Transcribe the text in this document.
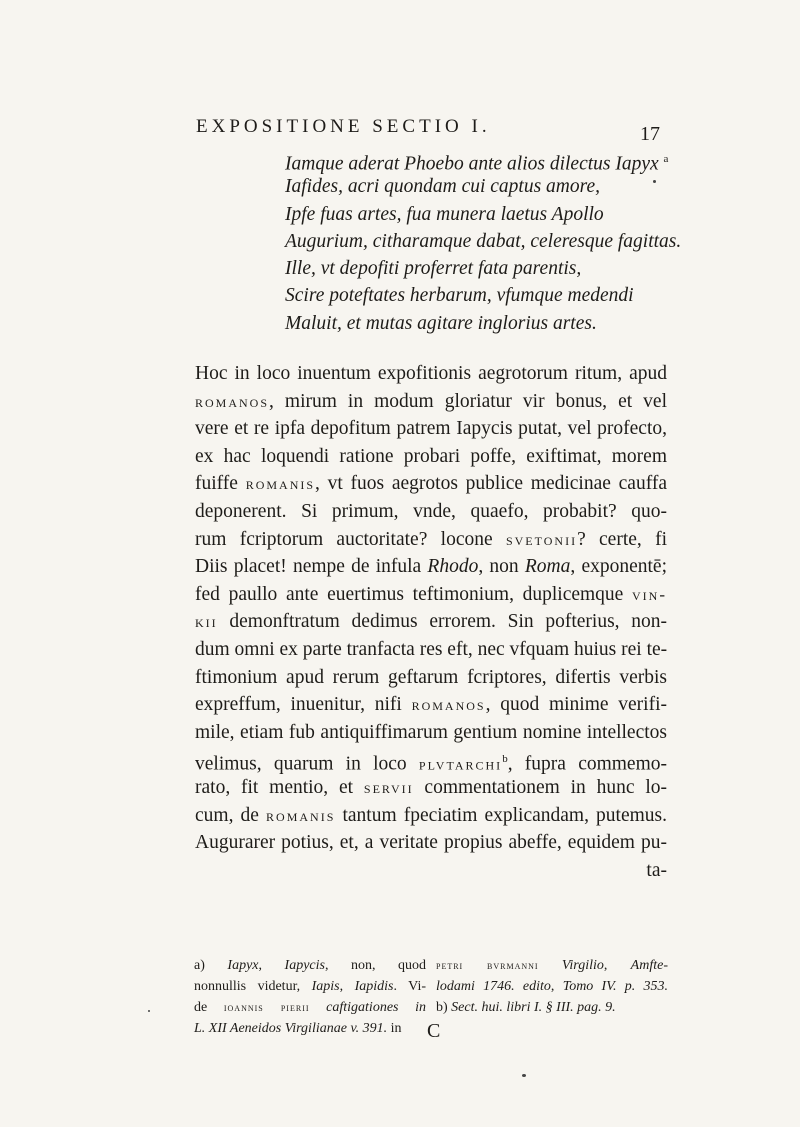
EXPOSITIONE SECTIO I.	17
Iamque aderat Phoebo ante alios dilectus Iapyx $^a$
Iafides, acri quondam cui captus amore,
Ipfe fuas artes, fua munera laetus Apollo
Augurium, citharamque dabat, celeresque fagittas.
Ille, vt depofiti proferret fata parentis,
Scire poteftates herbarum, vfumque medendi
Maluit, et mutas agitare inglorius artes.
Hoc in loco inuentum expofitionis aegrotorum ritum, apud
romanos, mirum in modum gloriatur vir bonus, et vel
vere et re ipfa depofitum patrem Iapycis putat, vel profecto,
ex hac loquendi ratione probari poffe, exiftimat, morem
fuiffe romanis, vt fuos aegrotos publice medicinae cauffa
deponerent. Si primum, vnde, quaefo, probabit? quo-
rum fcriptorum auctoritate? locone svetonii? certe, fi
Diis placet! nempe de infula Rhodo, non Roma, exponentē;
fed paullo ante euertimus teftimonium, duplicemque vin-
kii demonftratum dedimus errorem. Sin pofterius, non-
dum omni ex parte tranfacta res eft, nec vfquam huius rei te-
ftimonium apud rerum geftarum fcriptores, difertis verbis
expreffum, inuenitur, nifi romanos, quod minime verifi-
mile, etiam fub antiquiffimarum gentium nomine intellectos
velimus, quarum in loco plvtarchi$^b$, fupra commemo-
rato, fit mentio, et servii commentationem in hunc lo-
cum, de romanis tantum fpeciatim explicandam, putemus.
Augurarer potius, et, a veritate propius abeffe, equidem pu-
ta-
a) Iapyx, Iapycis, non, quod
nonnullis videtur, Iapis, Iapidis. Vi-
de ioannis pierii caftigationes in
L. XII Aeneidos Virgilianae v. 391. in
petri bvrmanni Virgilio, Amfte-
lodami 1746. edito, Tomo IV. p. 353.
b) Sect. hui. libri I. § III. pag. 9.
C
